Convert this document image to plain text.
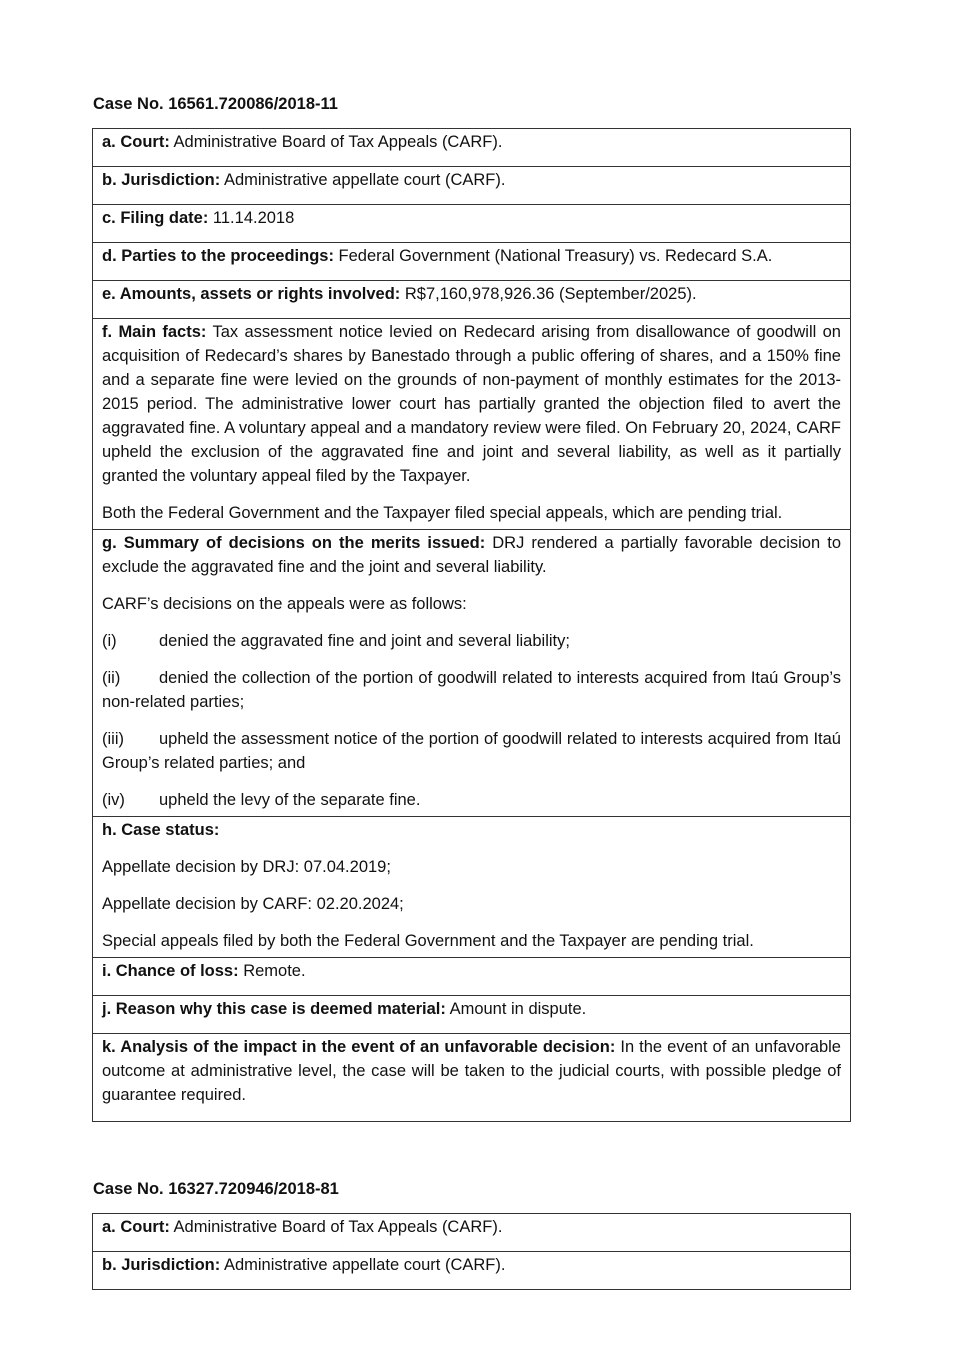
Case No. 16561.720086/2018-11
a. Court: Administrative Board of Tax Appeals (CARF).
b. Jurisdiction: Administrative appellate court (CARF).
c. Filing date: 11.14.2018
d. Parties to the proceedings: Federal Government (National Treasury) vs. Redecard S.A.
e. Amounts, assets or rights involved: R$7,160,978,926.36 (September/2025).

f. Main facts: Tax assessment notice levied on Redecard arising from disallowance of goodwill on acquisition of Redecard’s shares by Banestado through a public offering of shares, and a 150% fine and a separate fine were levied on the grounds of non-payment of monthly estimates for the 2013-2015 period. The administrative lower court has partially granted the objection filed to avert the aggravated fine. A voluntary appeal and a mandatory review were filed. On February 20, 2024, CARF upheld the exclusion of the aggravated fine and joint and several liability, as well as it partially granted the voluntary appeal filed by the Taxpayer.

Both the Federal Government and the Taxpayer filed special appeals, which are pending trial.

g. Summary of decisions on the merits issued: DRJ rendered a partially favorable decision to exclude the aggravated fine and the joint and several liability.

CARF’s decisions on the appeals were as follows:

(i)	denied the aggravated fine and joint and several liability;

(ii) denied the collection of the portion of goodwill related to interests acquired from Itaú Group’s non-related parties;

(iii) upheld the assessment notice of the portion of goodwill related to interests acquired from Itaú Group’s related parties; and

(iv) upheld the levy of the separate fine.

h. Case status:

Appellate decision by DRJ: 07.04.2019;

Appellate decision by CARF: 02.20.2024;

Special appeals filed by both the Federal Government and the Taxpayer are pending trial.

i. Chance of loss: Remote.
j. Reason why this case is deemed material: Amount in dispute.
k. Analysis of the impact in the event of an unfavorable decision: In the event of an unfavorable outcome at administrative level, the case will be taken to the judicial courts, with possible pledge of guarantee required.
Case No. 16327.720946/2018-81
a. Court: Administrative Board of Tax Appeals (CARF).
b. Jurisdiction: Administrative appellate court (CARF).
